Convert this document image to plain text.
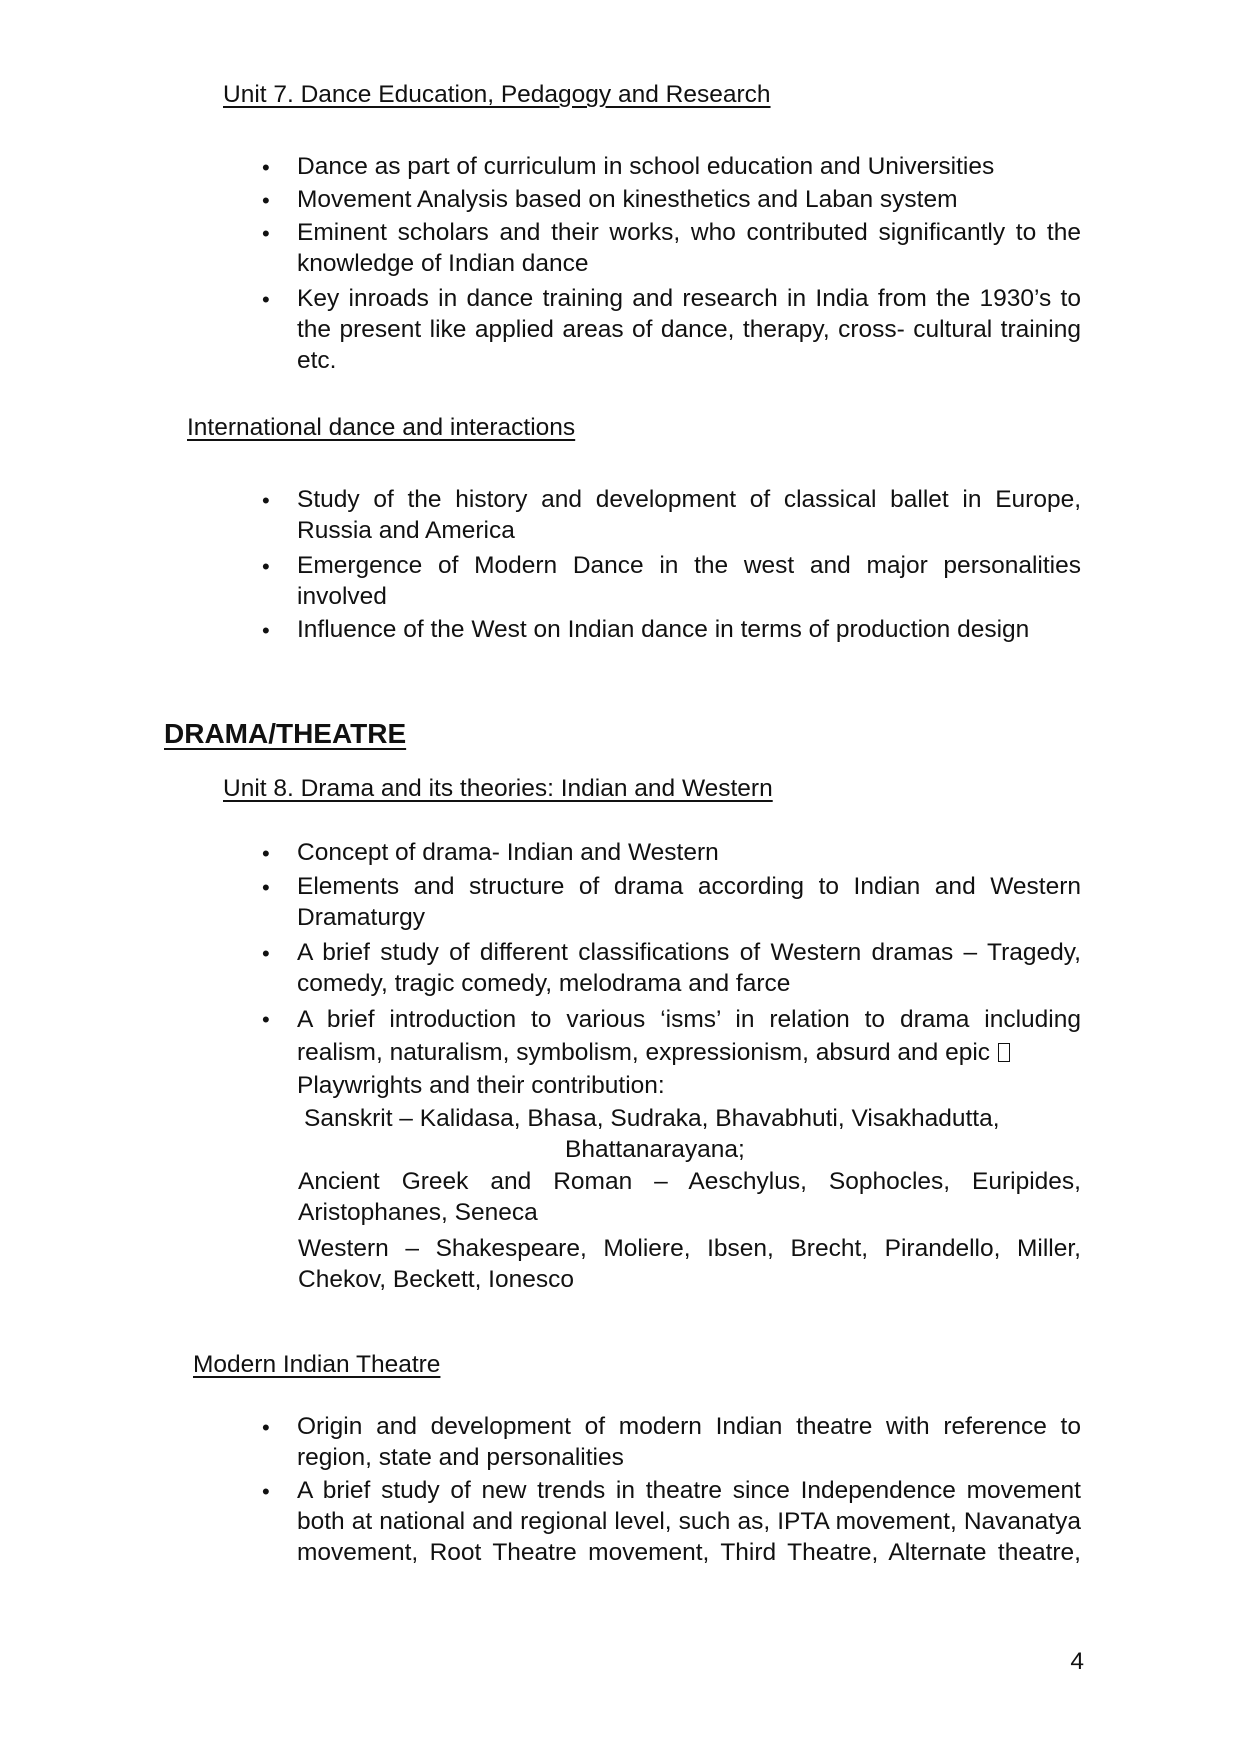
Unit 7. Dance Education, Pedagogy and Research

• Dance as part of curriculum in school education and Universities

• Movement Analysis based on kinesthetics and Laban system

• Eminent scholars and their works, who contributed significantly to the knowledge of Indian dance

• Key inroads in dance training and research in India from the 1930’s to the present like applied areas of dance, therapy, cross- cultural training etc.

International dance and interactions

• Study of the history and development of classical ballet in Europe, Russia and America

• Emergence of Modern Dance in the west and major personalities involved

• Influence of the West on Indian dance in terms of production design

DRAMA/THEATRE

Unit 8. Drama and its theories: Indian and Western

• Concept of drama- Indian and Western

• Elements and structure of drama according to Indian and Western Dramaturgy

• A brief study of different classifications of Western dramas – Tragedy, comedy, tragic comedy, melodrama and farce

• A brief introduction to various ‘isms’ in relation to drama including realism, naturalism, symbolism, expressionism, absurd and epic

Playwrights and their contribution:

Sanskrit – Kalidasa, Bhasa, Sudraka, Bhavabhuti, Visakhadutta,

Bhattanarayana;

Ancient Greek and Roman – Aeschylus, Sophocles, Euripides, Aristophanes, Seneca

Western – Shakespeare, Moliere, Ibsen, Brecht, Pirandello, Miller, Chekov, Beckett, Ionesco

Modern Indian Theatre

• Origin and development of modern Indian theatre with reference to region, state and personalities

• A brief study of new trends in theatre since Independence movement both at national and regional level, such as, IPTA movement, Navanatya movement, Root Theatre movement, Third Theatre, Alternate theatre,

4
